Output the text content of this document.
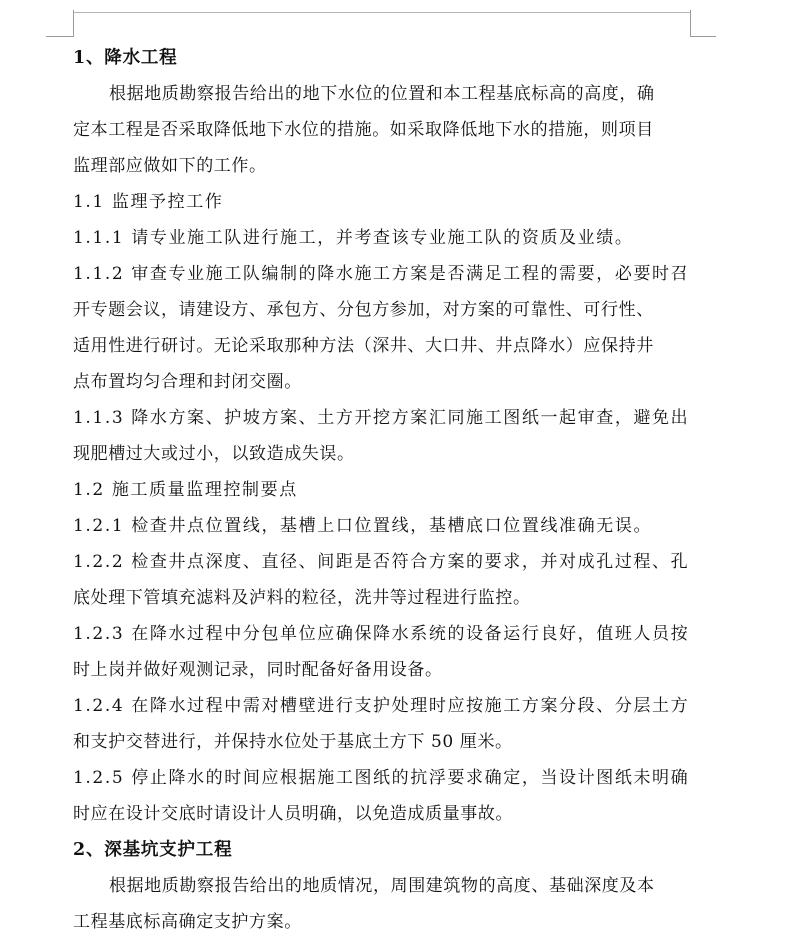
1、降水工程
根据地质勘察报告给出的地下水位的位置和本工程基底标高的高度，确
定本工程是否采取降低地下水位的措施。如采取降低地下水的措施，则项目
监理部应做如下的工作。
1.1 监理予控工作
1.1.1 请专业施工队进行施工，并考查该专业施工队的资质及业绩。
1.1.2 审查专业施工队编制的降水施工方案是否满足工程的需要，必要时召
开专题会议，请建设方、承包方、分包方参加，对方案的可靠性、可行性、
适用性进行研讨。无论采取那种方法（深井、大口井、井点降水）应保持井
点布置均匀合理和封闭交圈。
1.1.3 降水方案、护坡方案、土方开挖方案汇同施工图纸一起审查，避免出
现肥槽过大或过小，以致造成失误。
1.2 施工质量监理控制要点
1.2.1 检查井点位置线，基槽上口位置线，基槽底口位置线准确无误。
1.2.2 检查井点深度、直径、间距是否符合方案的要求，并对成孔过程、孔
底处理下管填充滤料及泸料的粒径，洗井等过程进行监控。
1.2.3 在降水过程中分包单位应确保降水系统的设备运行良好，值班人员按
时上岗并做好观测记录，同时配备好备用设备。
1.2.4 在降水过程中需对槽壁进行支护处理时应按施工方案分段、分层土方
和支护交替进行，并保持水位处于基底土方下 50 厘米。
1.2.5 停止降水的时间应根据施工图纸的抗浮要求确定，当设计图纸未明确
时应在设计交底时请设计人员明确，以免造成质量事故。
2、深基坑支护工程
根据地质勘察报告给出的地质情况，周围建筑物的高度、基础深度及本
工程基底标高确定支护方案。
